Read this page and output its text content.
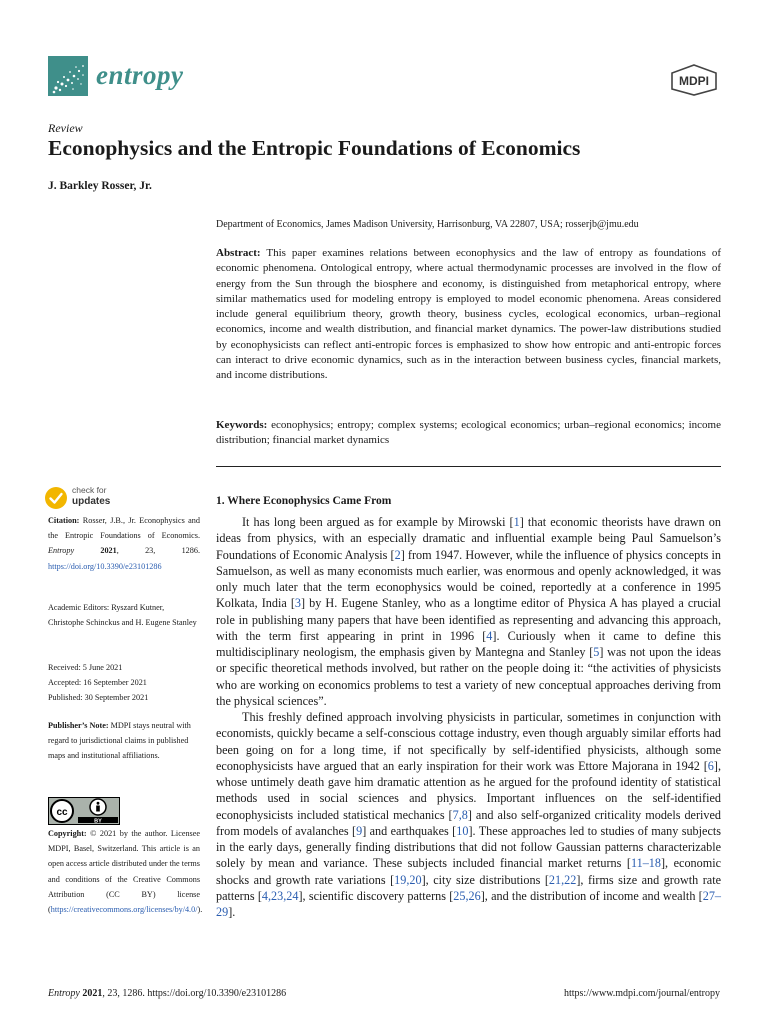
entropy	MDPI
Review
Econophysics and the Entropic Foundations of Economics
J. Barkley Rosser, Jr.
Department of Economics, James Madison University, Harrisonburg, VA 22807, USA; rosserjb@jmu.edu
Abstract: This paper examines relations between econophysics and the law of entropy as foundations of economic phenomena. Ontological entropy, where actual thermodynamic processes are involved in the flow of energy from the Sun through the biosphere and economy, is distinguished from metaphorical entropy, where similar mathematics used for modeling entropy is employed to model economic phenomena. Areas considered include general equilibrium theory, growth theory, business cycles, ecological economics, urban–regional economics, income and wealth distribution, and financial market dynamics. The power-law distributions studied by econophysicists can reflect anti-entropic forces is emphasized to show how entropic and anti-entropic forces can interact to drive economic dynamics, such as in the interaction between business cycles, financial markets, and income distributions.
Keywords: econophysics; entropy; complex systems; ecological economics; urban–regional economics; income distribution; financial market dynamics
check for
updates
Citation: Rosser, J.B., Jr. Econophysics and the Entropic Foundations of Economics. Entropy	2021, 23, 1286. https://doi.org/10.3390/e23101286
Academic Editors: Ryszard Kutner, Christophe Schinckus and H. Eugene Stanley
Received: 5 June 2021
Accepted: 16 September 2021
Published: 30 September 2021
Publisher’s Note: MDPI stays neutral with regard to jurisdictional claims in published maps and institutional affiliations.
cc
BY
Copyright: © 2021 by the author. Licensee MDPI, Basel, Switzerland. This article is an open access article distributed under the terms and conditions of the Creative Commons Attribution (CC BY) license (https://creativecommons.org/licenses/by/4.0/).
1. Where Econophysics Came From

It has long been argued as for example by Mirowski [1] that economic theorists have drawn on ideas from physics, with an especially dramatic and influential example being Paul Samuelson’s Foundations of Economic Analysis [2] from 1947. However, while the influence of physics concepts in Samuelson, as well as many economists much earlier, was enormous and openly acknowledged, it was only much later that the term econophysics would be coined, reportedly at a conference in 1995 Kolkata, India [3] by H. Eugene Stanley, who as a longtime editor of Physica A has played a crucial role in publishing many papers that have been identified as representing and advancing this approach, with the term first appearing in print in 1996 [4]. Curiously when it came to define this multidisciplinary neologism, the emphasis given by Mantegna and Stanley [5] was not upon the ideas or specific theoretical methods involved, but rather on the people doing it: “the activities of physicists who are working on economics problems to test a variety of new conceptual approaches deriving from the physical sciences”.

This freshly defined approach involving physicists in particular, sometimes in conjunction with economists, quickly became a self-conscious cottage industry, even though arguably similar efforts had been going on for a long time, if not specifically by self-identified physicists, although some econophysicists have argued that an early inspiration for their work was Ettore Majorana in 1942 [6], whose untimely death gave him dramatic attention as he argued for the profound identity of statistical methods used in social sciences and physics. Important influences on the self-identified econophysicists included statistical mechanics [7,8] and also self-organized criticality models derived from models of avalanches [9] and earthquakes [10]. These approaches led to studies of many subjects in the early days, generally finding distributions that did not follow Gaussian patterns characterizable solely by mean and variance. These subjects included financial market returns [11–18], economic shocks and growth rate variations [19,20], city size distributions [21,22], firms size and growth rate patterns [4,23,24], scientific discovery patterns [25,26], and the distribution of income and wealth [27–29].

Entropy 2021, 23, 1286. https://doi.org/10.3390/e23101286	https://www.mdpi.com/journal/entropy
